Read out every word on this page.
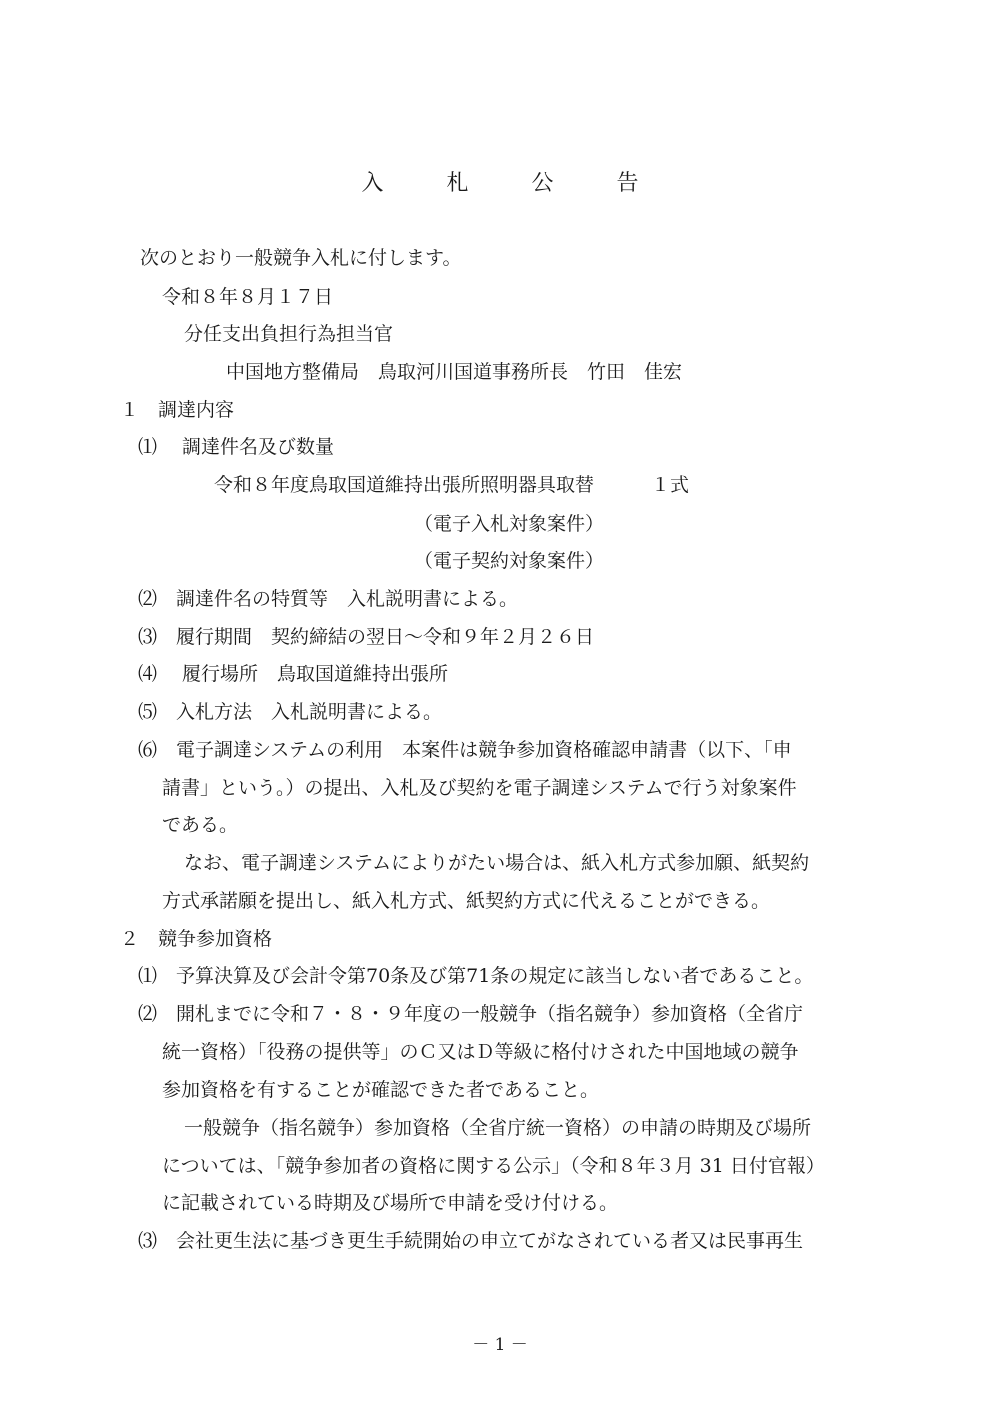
入 札 公 告
次のとおり一般競争入札に付します。
令和８年８月１７日
分任支出負担行為担当官
中国地方整備局　鳥取河川国道事務所長　竹田　佳宏
１　調達内容
⑴　 調達件名及び数量
令和８年度鳥取国道維持出張所照明器具取替　　　１式
（電子入札対象案件）
（電子契約対象案件）
⑵　調達件名の特質等　入札説明書による。
⑶　履行期間　契約締結の翌日～令和９年２月２６日
⑷　 履行場所　鳥取国道維持出張所
⑸　入札方法　入札説明書による。
⑹　電子調達システムの利用　本案件は競争参加資格確認申請書（以下、「申
請書」という。）の提出、入札及び契約を電子調達システムで行う対象案件
である。
なお、電子調達システムによりがたい場合は、紙入札方式参加願、紙契約
方式承諾願を提出し、紙入札方式、紙契約方式に代えることができる。
２　競争参加資格
⑴　予算決算及び会計令第70条及び第71条の規定に該当しない者であること。
⑵　開札までに令和７・８・９年度の一般競争（指名競争）参加資格（全省庁
統一資格）「役務の提供等」のＣ又はＤ等級に格付けされた中国地域の競争
参加資格を有することが確認できた者であること。
一般競争（指名競争）参加資格（全省庁統一資格）の申請の時期及び場所
については、「競争参加者の資格に関する公示」（令和８年３月 31 日付官報）
に記載されている時期及び場所で申請を受け付ける。
⑶　会社更生法に基づき更生手続開始の申立てがなされている者又は民事再生
－ 1 －
